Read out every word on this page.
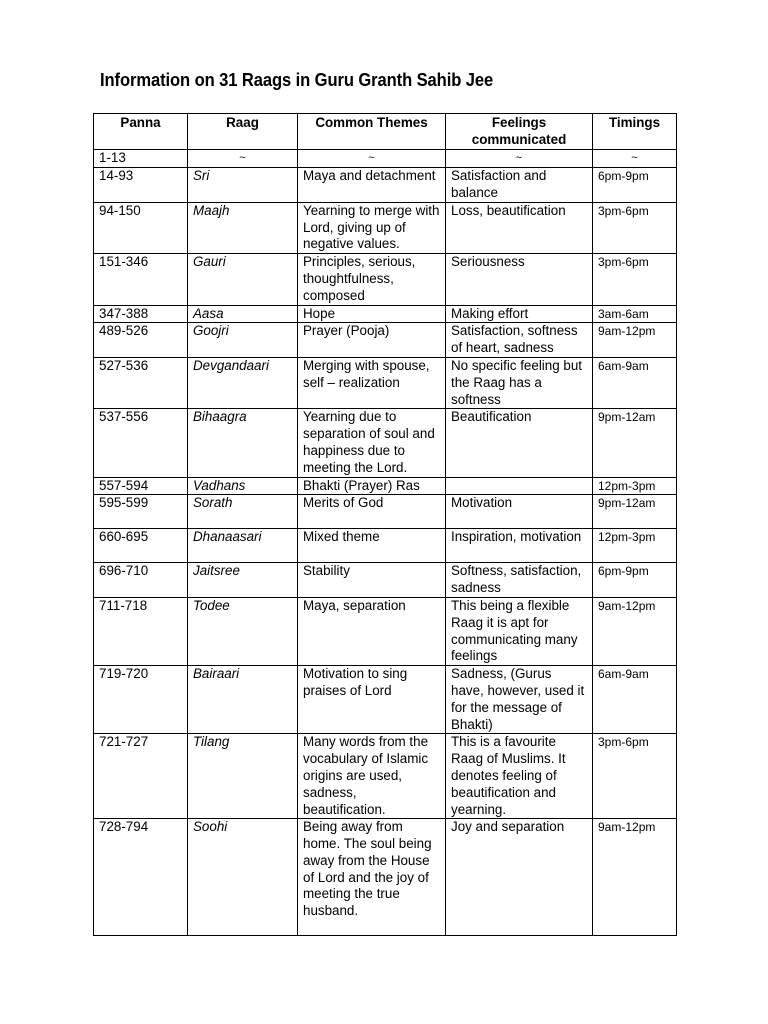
Information on 31 Raags in Guru Granth Sahib Jee
Panna	Raag	Common Themes	Feelings communicated	Timings
1-13	~	~	~	~
14-93	Sri	Maya and detachment	Satisfaction and balance	6pm-9pm
94-150	Maajh	Yearning to merge with Lord, giving up of negative values.	Loss, beautification	3pm-6pm
151-346	Gauri	Principles, serious, thoughtfulness, composed	Seriousness	3pm-6pm
347-388	Aasa	Hope	Making effort	3am-6am
489-526	Goojri	Prayer (Pooja)	Satisfaction, softness of heart, sadness	9am-12pm
527-536	Devgandaari	Merging with spouse, self – realization	No specific feeling but the Raag has a softness	6am-9am
537-556	Bihaagra	Yearning due to separation of soul and happiness due to meeting the Lord.	Beautification	9pm-12am
557-594	Vadhans	Bhakti (Prayer) Ras		12pm-3pm
595-599	Sorath	Merits of God	Motivation	9pm-12am
660-695	Dhanaasari	Mixed theme	Inspiration, motivation	12pm-3pm
696-710	Jaitsree	Stability	Softness, satisfaction, sadness	6pm-9pm
711-718	Todee	Maya, separation	This being a flexible Raag it is apt for communicating many feelings	9am-12pm
719-720	Bairaari	Motivation to sing praises of Lord	Sadness, (Gurus have, however, used it for the message of Bhakti)	6am-9am
721-727	Tilang	Many words from the vocabulary of Islamic origins are used, sadness, beautification.	This is a favourite Raag of Muslims. It denotes feeling of beautification and yearning.	3pm-6pm
728-794	Soohi	Being away from home. The soul being away from the House of Lord and the joy of meeting the true husband.	Joy and separation	9am-12pm
